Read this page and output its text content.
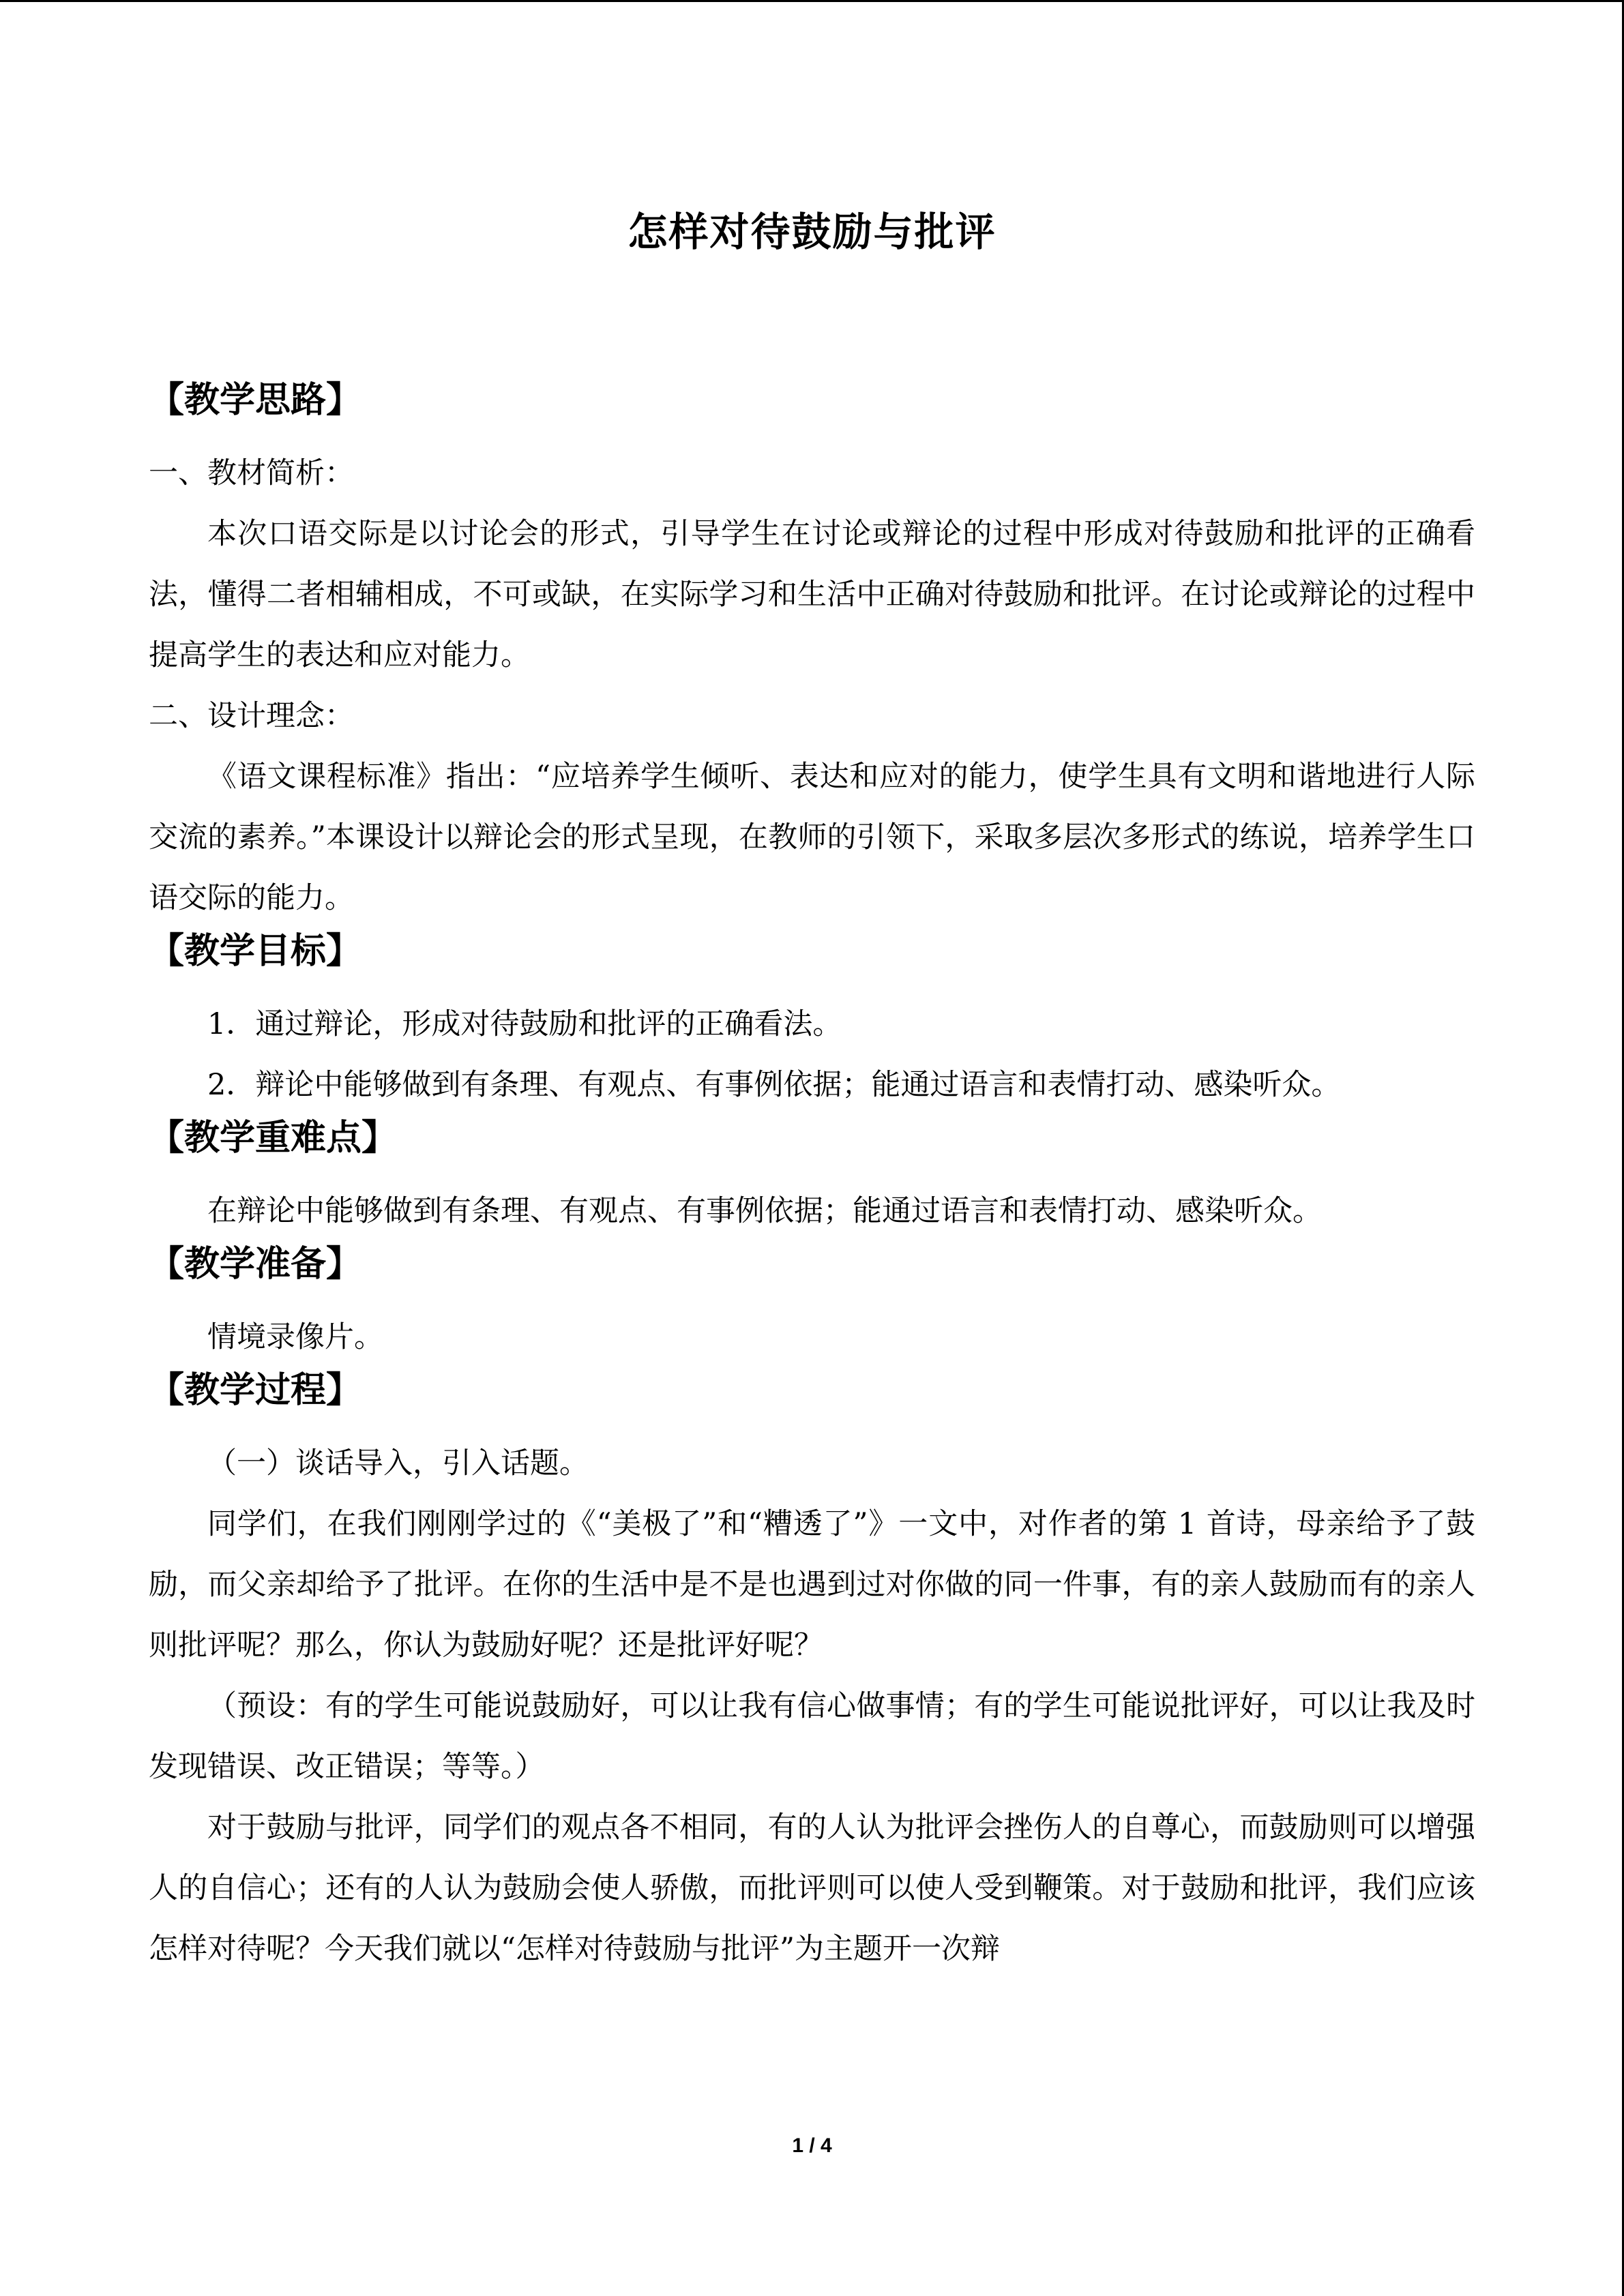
怎样对待鼓励与批评
【教学思路】

一、教材简析：

本次口语交际是以讨论会的形式，引导学生在讨论或辩论的过程中形成对待鼓励和批评的正确看法，懂得二者相辅相成，不可或缺，在实际学习和生活中正确对待鼓励和批评。在讨论或辩论的过程中提高学生的表达和应对能力。

二、设计理念：

《语文课程标准》指出：“应培养学生倾听、表达和应对的能力，使学生具有文明和谐地进行人际交流的素养。”本课设计以辩论会的形式呈现，在教师的引领下，采取多层次多形式的练说，培养学生口语交际的能力。

【教学目标】

1．通过辩论，形成对待鼓励和批评的正确看法。

2．辩论中能够做到有条理、有观点、有事例依据；能通过语言和表情打动、感染听众。

【教学重难点】

在辩论中能够做到有条理、有观点、有事例依据；能通过语言和表情打动、感染听众。

【教学准备】

情境录像片。

【教学过程】

（一）谈话导入，引入话题。

同学们，在我们刚刚学过的《“美极了”和“糟透了”》一文中，对作者的第 1 首诗，母亲给予了鼓励，而父亲却给予了批评。在你的生活中是不是也遇到过对你做的同一件事，有的亲人鼓励而有的亲人则批评呢？那么，你认为鼓励好呢？还是批评好呢？

（预设：有的学生可能说鼓励好，可以让我有信心做事情；有的学生可能说批评好，可以让我及时发现错误、改正错误；等等。）

对于鼓励与批评，同学们的观点各不相同，有的人认为批评会挫伤人的自尊心，而鼓励则可以增强人的自信心；还有的人认为鼓励会使人骄傲，而批评则可以使人受到鞭策。对于鼓励和批评，我们应该怎样对待呢？今天我们就以“怎样对待鼓励与批评”为主题开一次辩

1 / 4
